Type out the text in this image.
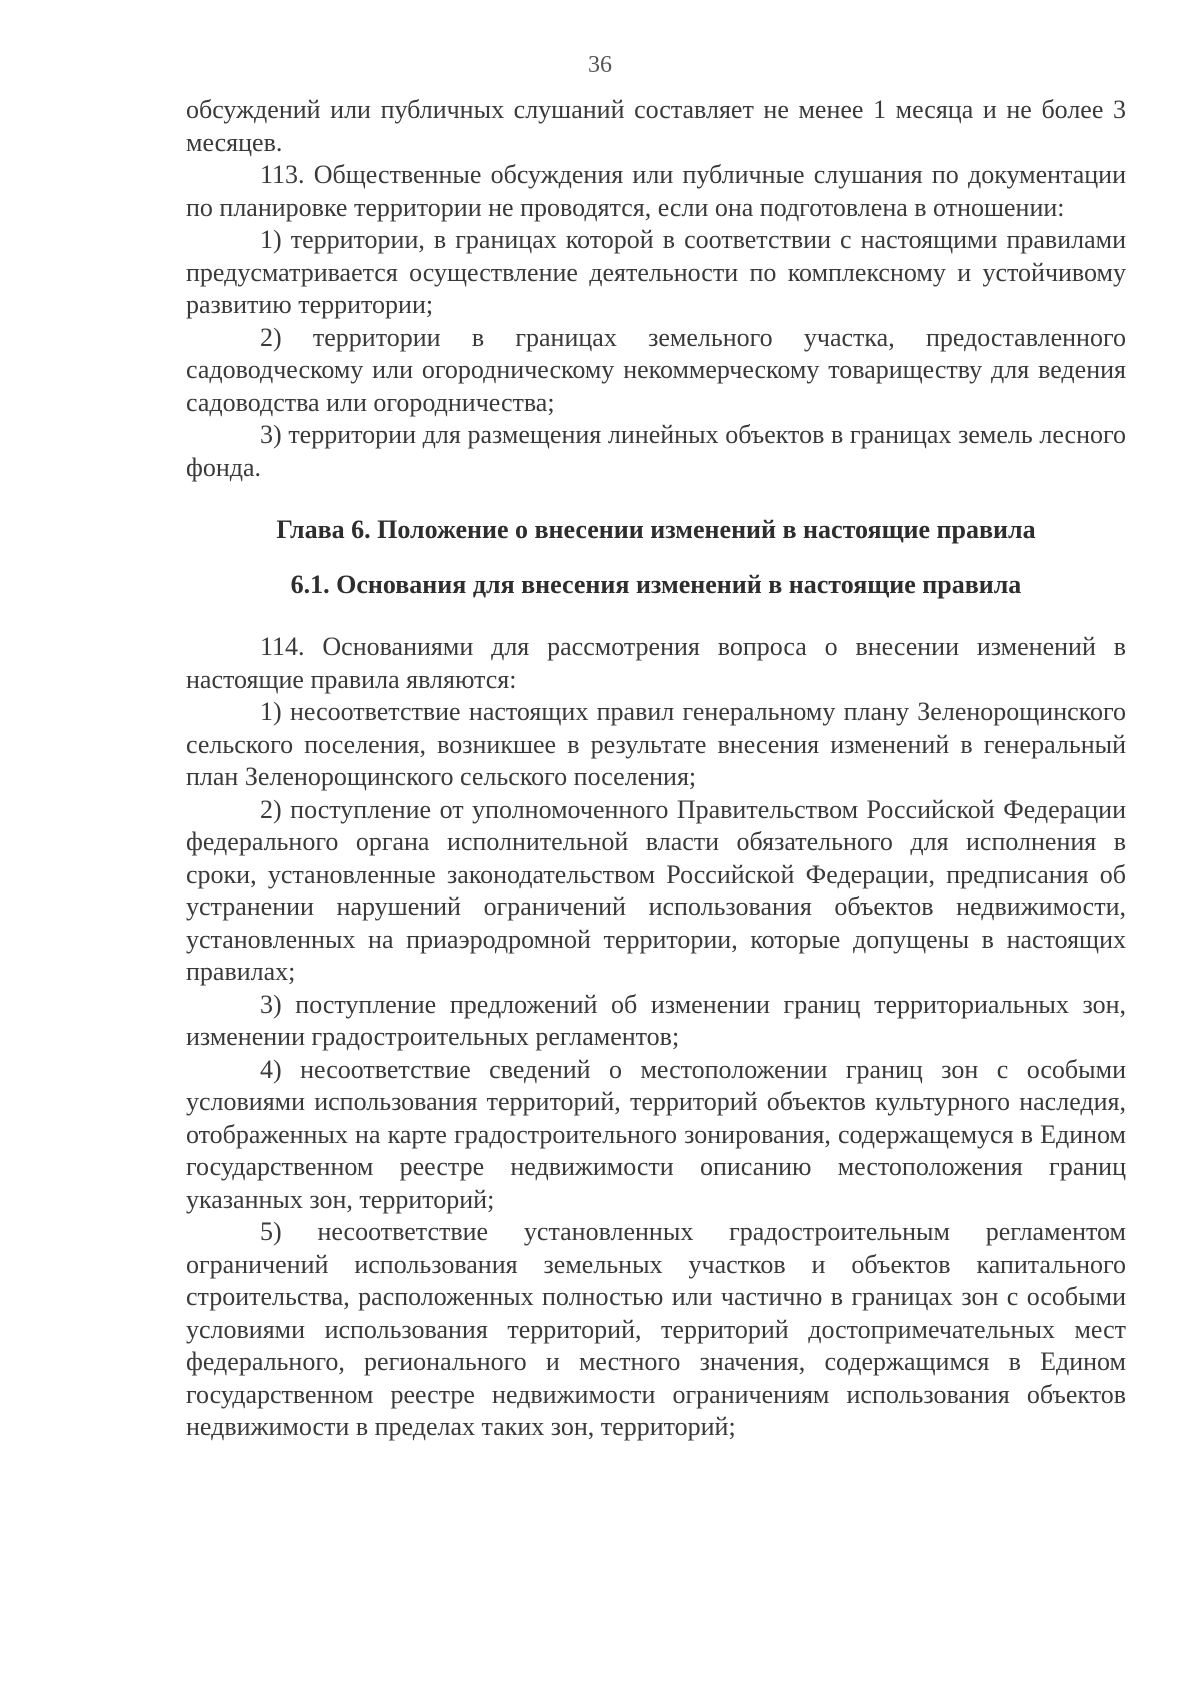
36

обсуждений или публичных слушаний составляет не менее 1 месяца и не более 3 месяцев.

113. Общественные обсуждения или публичные слушания по документации по планировке территории не проводятся, если она подготовлена в отношении:

1) территории, в границах которой в соответствии с настоящими правилами предусматривается осуществление деятельности по комплексному и устойчивому развитию территории;

2) территории в границах земельного участка, предоставленного садоводческому или огородническому некоммерческому товариществу для ведения садоводства или огородничества;

3) территории для размещения линейных объектов в границах земель лесного фонда.

Глава 6. Положение о внесении изменений в настоящие правила
6.1. Основания для внесения изменений в настоящие правила

114. Основаниями для рассмотрения вопроса о внесении изменений в настоящие правила являются:

1) несоответствие настоящих правил генеральному плану Зеленорощинского сельского поселения, возникшее в результате внесения изменений в генеральный план Зеленорощинского сельского поселения;

2) поступление от уполномоченного Правительством Российской Федерации федерального органа исполнительной власти обязательного для исполнения в сроки, установленные законодательством Российской Федерации, предписания об устранении нарушений ограничений использования объектов недвижимости, установленных на приаэродромной территории, которые допущены в настоящих правилах;

3) поступление предложений об изменении границ территориальных зон, изменении градостроительных регламентов;

4) несоответствие сведений о местоположении границ зон с особыми условиями использования территорий, территорий объектов культурного наследия, отображенных на карте градостроительного зонирования, содержащемуся в Едином государственном реестре недвижимости описанию местоположения границ указанных зон, территорий;

5) несоответствие установленных градостроительным регламентом ограничений использования земельных участков и объектов капитального строительства, расположенных полностью или частично в границах зон с особыми условиями использования территорий, территорий достопримечательных мест федерального, регионального и местного значения, содержащимся в Едином государственном реестре недвижимости ограничениям использования объектов недвижимости в пределах таких зон, территорий;
